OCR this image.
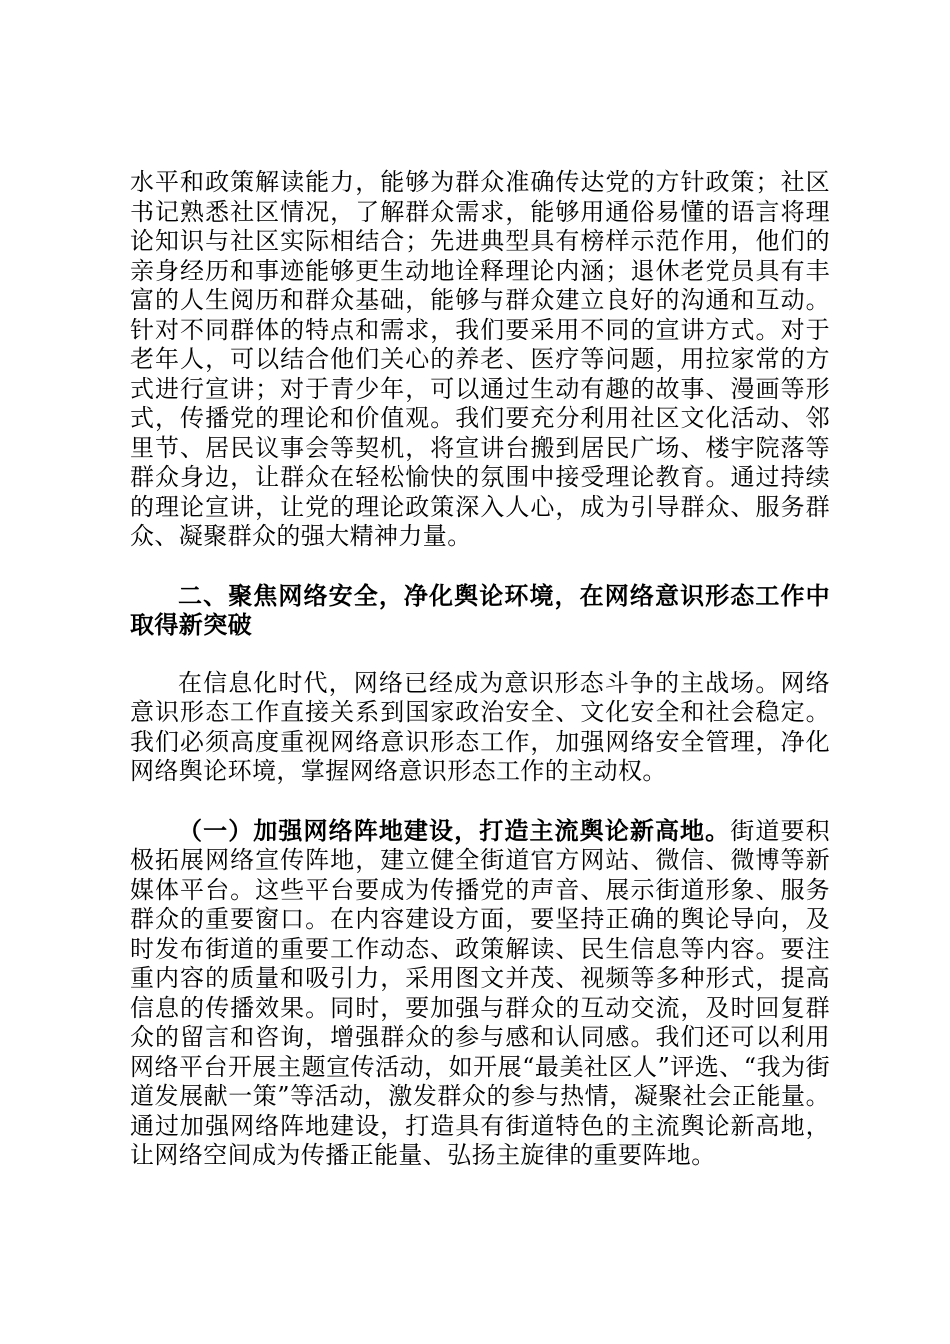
水平和政策解读能力，能够为群众准确传达党的方针政策；社区书记熟悉社区情况，了解群众需求，能够用通俗易懂的语言将理论知识与社区实际相结合；先进典型具有榜样示范作用，他们的亲身经历和事迹能够更生动地诠释理论内涵；退休老党员具有丰富的人生阅历和群众基础，能够与群众建立良好的沟通和互动。针对不同群体的特点和需求，我们要采用不同的宣讲方式。对于老年人，可以结合他们关心的养老、医疗等问题，用拉家常的方式进行宣讲；对于青少年，可以通过生动有趣的故事、漫画等形式，传播党的理论和价值观。我们要充分利用社区文化活动、邻里节、居民议事会等契机，将宣讲台搬到居民广场、楼宇院落等群众身边，让群众在轻松愉快的氛围中接受理论教育。通过持续的理论宣讲，让党的理论政策深入人心，成为引导群众、服务群众、凝聚群众的强大精神力量。

二、聚焦网络安全，净化舆论环境，在网络意识形态工作中取得新突破

在信息化时代，网络已经成为意识形态斗争的主战场。网络意识形态工作直接关系到国家政治安全、文化安全和社会稳定。我们必须高度重视网络意识形态工作，加强网络安全管理，净化网络舆论环境，掌握网络意识形态工作的主动权。

（一）加强网络阵地建设，打造主流舆论新高地。街道要积极拓展网络宣传阵地，建立健全街道官方网站、微信、微博等新媒体平台。这些平台要成为传播党的声音、展示街道形象、服务群众的重要窗口。在内容建设方面，要坚持正确的舆论导向，及时发布街道的重要工作动态、政策解读、民生信息等内容。要注重内容的质量和吸引力，采用图文并茂、视频等多种形式，提高信息的传播效果。同时，要加强与群众的互动交流，及时回复群众的留言和咨询，增强群众的参与感和认同感。我们还可以利用网络平台开展主题宣传活动，如开展“最美社区人”评选、“我为街道发展献一策”等活动，激发群众的参与热情，凝聚社会正能量。通过加强网络阵地建设，打造具有街道特色的主流舆论新高地，让网络空间成为传播正能量、弘扬主旋律的重要阵地。
